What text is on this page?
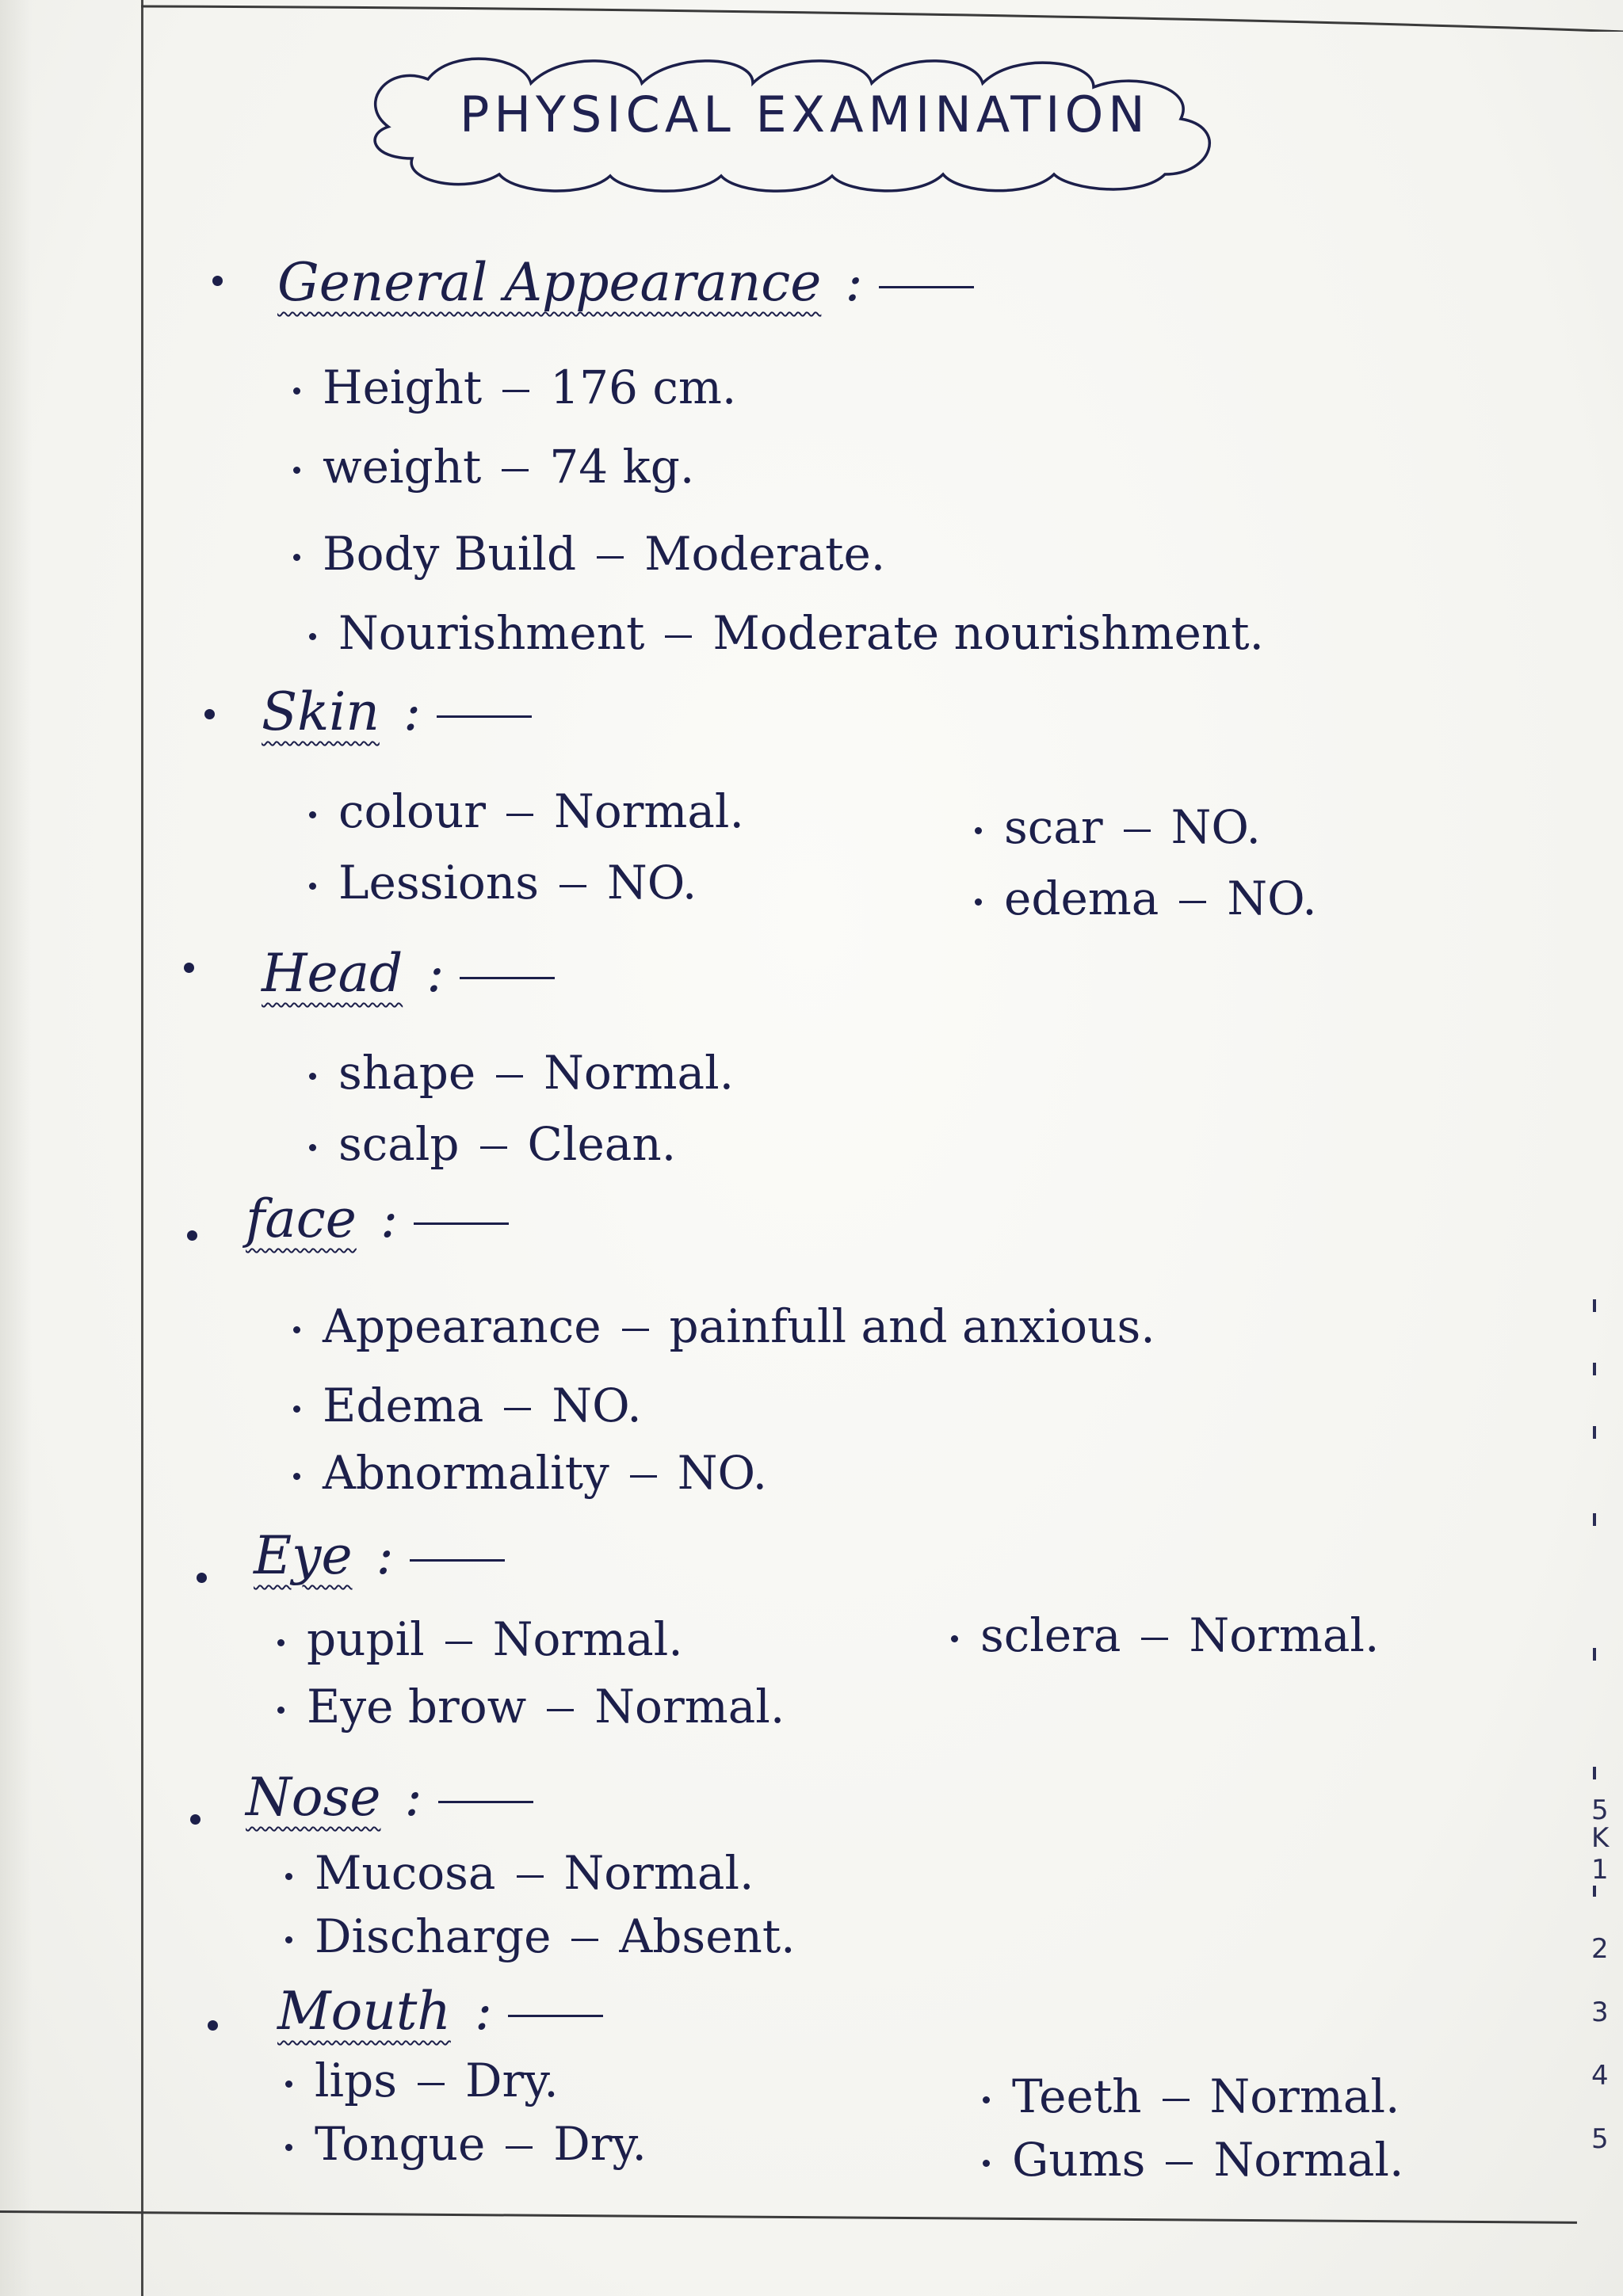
PHYSICAL EXAMINATION
General Appearance :
Height 176 cm.
weight 74 kg.
Body Build Moderate.
Nourishment Moderate nourishment.
Skin :
colour Normal.
Lessions NO.
scar NO.
edema NO.
Head :
shape Normal.
scalp Clean.
face :
Appearance painfull and anxious.
Edema NO.
Abnormality NO.
Eye :
pupil Normal.	sclera Normal.
Eye brow Normal.
Nose :
Mucosa Normal.
Discharge Absent.
Mouth :
lips Dry.
Tongue Dry.
Teeth Normal.
Gums Normal.
5
K
1
2
3
4
5
